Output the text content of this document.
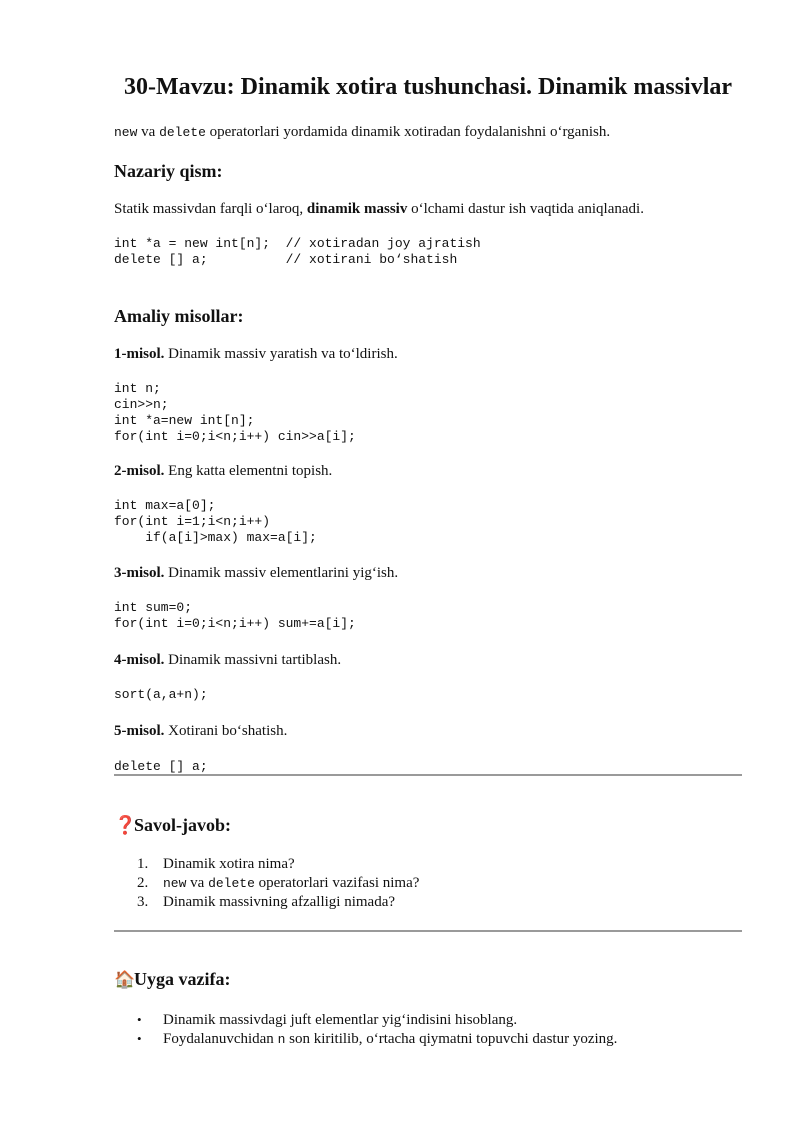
30-Mavzu: Dinamik xotira tushunchasi. Dinamik massivlar

new va delete operatorlari yordamida dinamik xotiradan foydalanishni o‘rganish.

Nazariy qism:

Statik massivdan farqli o‘laroq, dinamik massiv o‘lchami dastur ish vaqtida aniqlanadi.

int *a = new int[n];  // xotiradan joy ajratish
delete [] a;          // xotirani bo‘shatish
Amaliy misollar:

1-misol. Dinamik massiv yaratish va to‘ldirish.

int n;
cin>>n;
int *a=new int[n];
for(int i=0;i<n;i++) cin>>a[i];

2-misol. Eng katta elementni topish.

int max=a[0];
for(int i=1;i<n;i++)
if(a[i]>max) max=a[i];

3-misol. Dinamik massiv elementlarini yig‘ish.

int sum=0;
for(int i=0;i<n;i++) sum+=a[i];

4-misol. Dinamik massivni tartiblash.

sort(a,a+n);

5-misol. Xotirani bo‘shatish.

delete [] a;
❓Savol-javob:
1. Dinamik xotira nima?
2. new va delete operatorlari vazifasi nima?
3. Dinamik massivning afzalligi nimada?
🏠Uyga vazifa:
• Dinamik massivdagi juft elementlar yig‘indisini hisoblang.
• Foydalanuvchidan n son kiritilib, o‘rtacha qiymatni topuvchi dastur yozing.
